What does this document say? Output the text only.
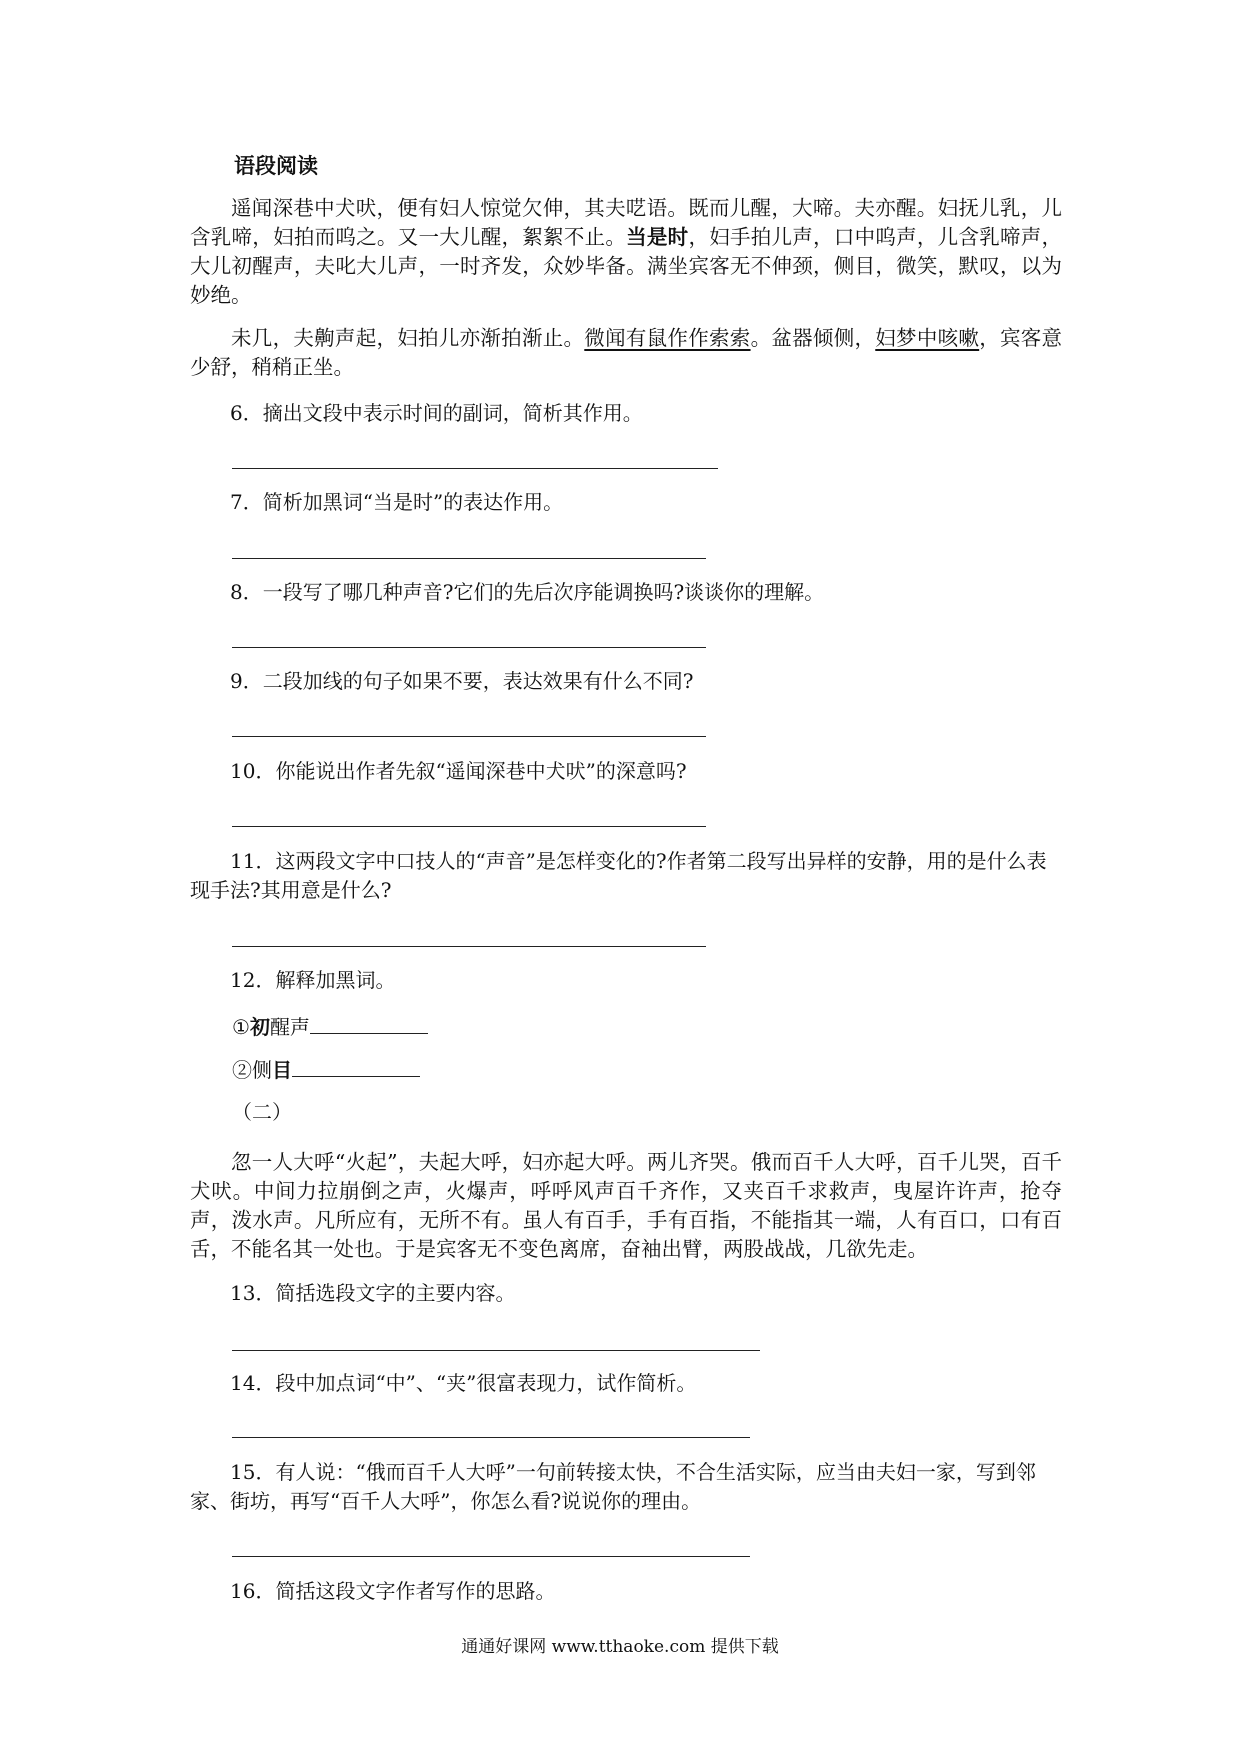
语段阅读

遥闻深巷中犬吠，便有妇人惊觉欠伸，其夫呓语。既而儿醒，大啼。夫亦醒。妇抚儿乳，儿含乳啼，妇拍而呜之。又一大儿醒，絮絮不止。当是时，妇手拍儿声，口中呜声，儿含乳啼声，大儿初醒声，夫叱大儿声，一时齐发，众妙毕备。满坐宾客无不伸颈，侧目，微笑，默叹，以为妙绝。

未几，夫齁声起，妇拍儿亦渐拍渐止。微闻有鼠作作索索。盆器倾侧，妇梦中咳嗽，宾客意少舒，稍稍正坐。

6．摘出文段中表示时间的副词，简析其作用。

7．简析加黑词“当是时”的表达作用。

8．一段写了哪几种声音?它们的先后次序能调换吗?谈谈你的理解。

9．二段加线的句子如果不要，表达效果有什么不同?

10．你能说出作者先叙“遥闻深巷中犬吠”的深意吗?

11．这两段文字中口技人的“声音”是怎样变化的?作者第二段写出异样的安静，用的是什么表现手法?其用意是什么?

12．解释加黑词。

①初醒声

②侧目

（二）

忽一人大呼“火起”，夫起大呼，妇亦起大呼。两儿齐哭。俄而百千人大呼，百千儿哭，百千犬吠。中间力拉崩倒之声，火爆声，呼呼风声百千齐作，又夹百千求救声，曳屋许许声，抢夺声，泼水声。凡所应有，无所不有。虽人有百手，手有百指，不能指其一端，人有百口，口有百舌，不能名其一处也。于是宾客无不变色离席，奋袖出臂，两股战战，几欲先走。

13．简括选段文字的主要内容。

14．段中加点词“中”、“夹”很富表现力，试作简析。

15．有人说：“俄而百千人大呼”一句前转接太快，不合生活实际，应当由夫妇一家，写到邻家、街坊，再写“百千人大呼”，你怎么看?说说你的理由。

16．简括这段文字作者写作的思路。

通通好课网 www.tthaoke.com 提供下载
